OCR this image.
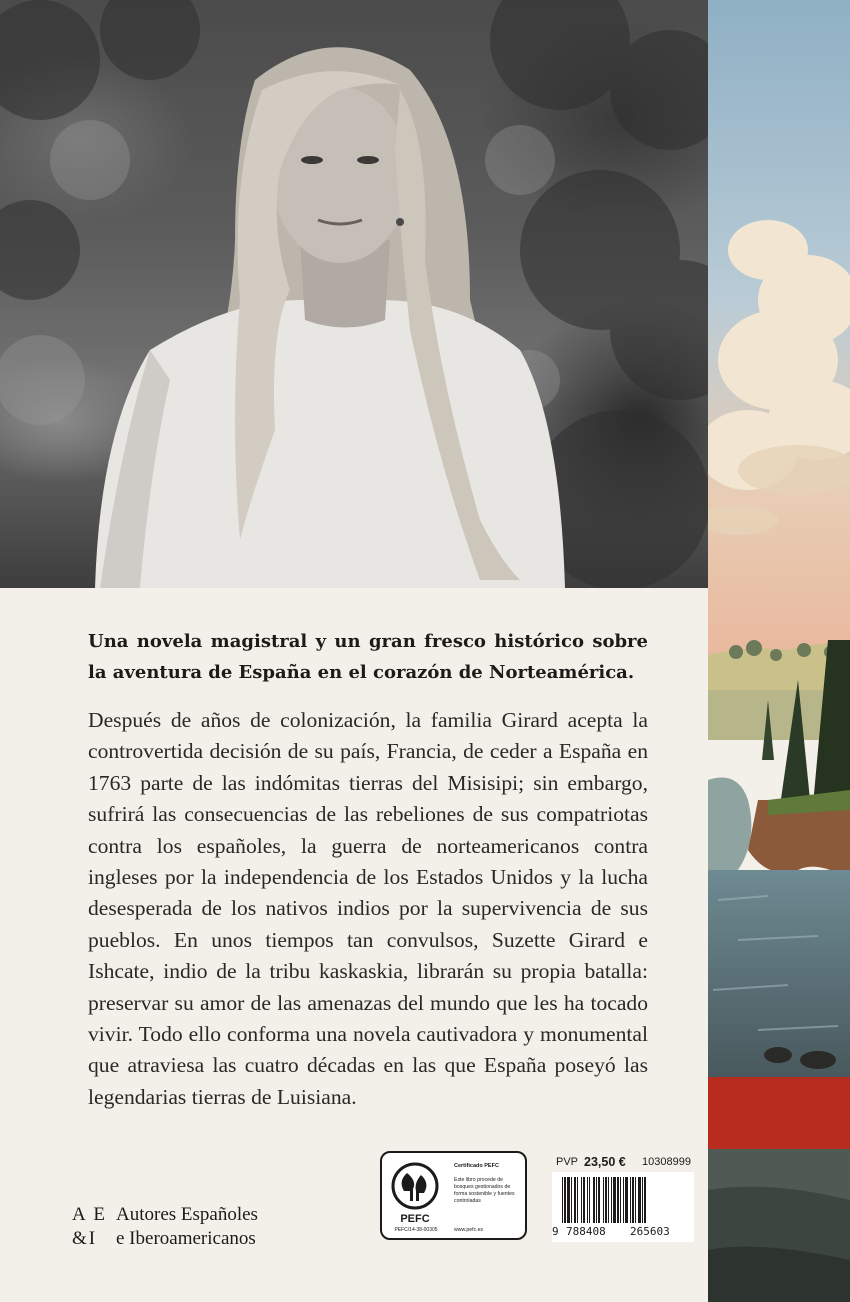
Una novela magistral y un gran fresco histórico sobre la aventura de España en el corazón de Norteamérica.

Después de años de colonización, la familia Girard acepta la controvertida decisión de su país, Francia, de ceder a España en 1763 parte de las indómitas tierras del Misisipi; sin embargo, sufrirá las consecuencias de las rebeliones de sus compatriotas contra los españoles, la guerra de norteamericanos contra ingleses por la independencia de los Estados Unidos y la lucha desesperada de los nativos indios por la supervivencia de sus pueblos. En unos tiempos tan convulsos, Suzette Girard e Ishcate, indio de la tribu kaskaskia, librarán su propia batalla: preservar su amor de las amenazas del mundo que les ha tocado vivir. Todo ello conforma una novela cautivadora y monumental que atraviesa las cuatro décadas en las que España poseyó las legendarias tierras de Luisiana.

A E
&I
Autores Españoles
e Iberoamericanos
PEFC
PEFC/14-38-00305
Certificado PEFC
Este libro procede de bosques gestionados de forma sostenible y fuentes controladas
www.pefc.es
PVP 23,50 € 10308999
9 788408 265603
